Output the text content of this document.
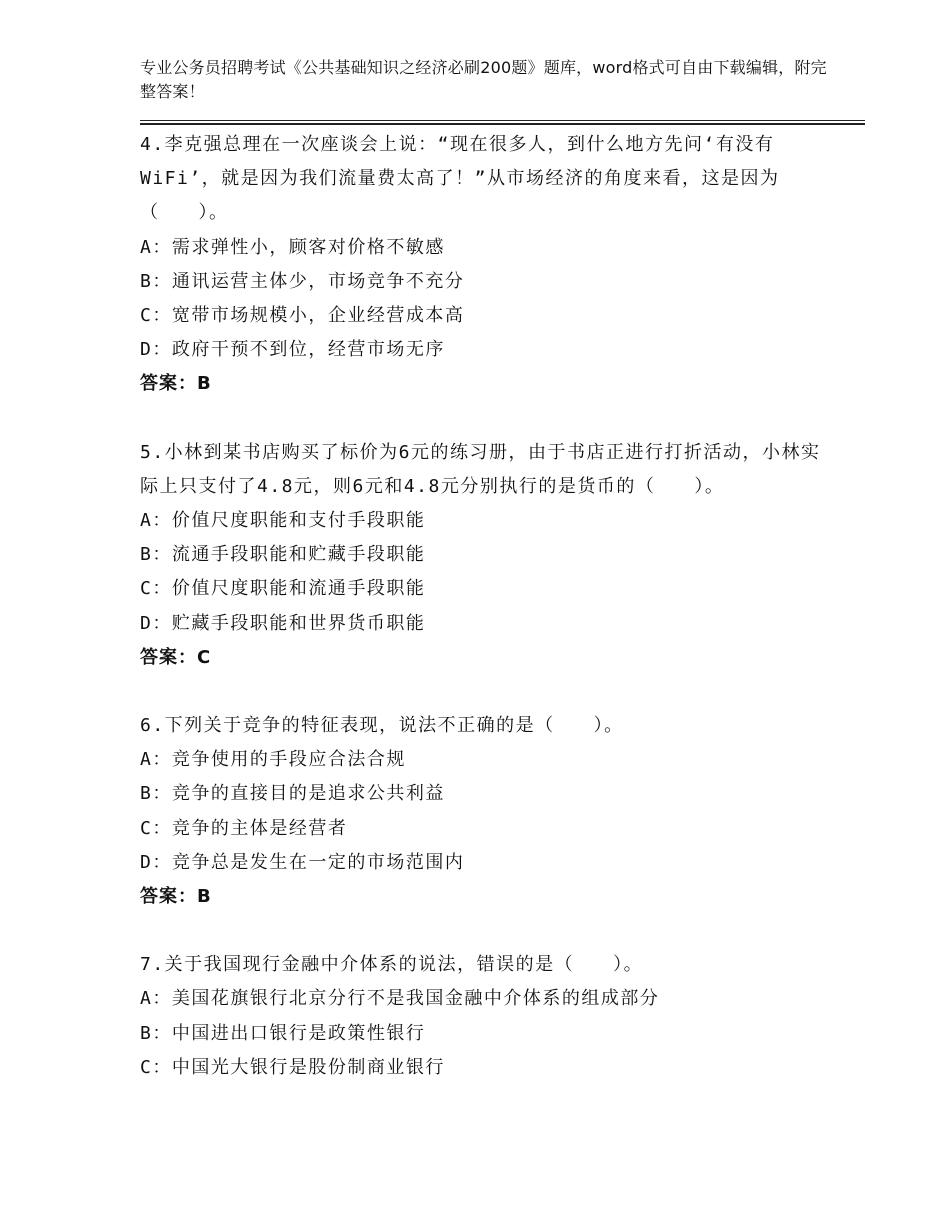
专业公务员招聘考试《公共基础知识之经济必刷200题》题库，word格式可自由下载编辑，附完整答案！

4.李克强总理在一次座谈会上说：“现在很多人，到什么地方先问‘有没有WiFi’，就是因为我们流量费太高了！”从市场经济的角度来看，这是因为（　　）。

A：需求弹性小，顾客对价格不敏感

B：通讯运营主体少，市场竞争不充分

C：宽带市场规模小，企业经营成本高

D：政府干预不到位，经营市场无序

答案：B

5.小林到某书店购买了标价为6元的练习册，由于书店正进行打折活动，小林实际上只支付了4.8元，则6元和4.8元分别执行的是货币的（　　）。

A：价值尺度职能和支付手段职能

B：流通手段职能和贮藏手段职能

C：价值尺度职能和流通手段职能

D：贮藏手段职能和世界货币职能

答案：C

6.下列关于竞争的特征表现，说法不正确的是（　　）。

A：竞争使用的手段应合法合规

B：竞争的直接目的是追求公共利益

C：竞争的主体是经营者

D：竞争总是发生在一定的市场范围内

答案：B

7.关于我国现行金融中介体系的说法，错误的是（　　）。

A：美国花旗银行北京分行不是我国金融中介体系的组成部分

B：中国进出口银行是政策性银行

C：中国光大银行是股份制商业银行
